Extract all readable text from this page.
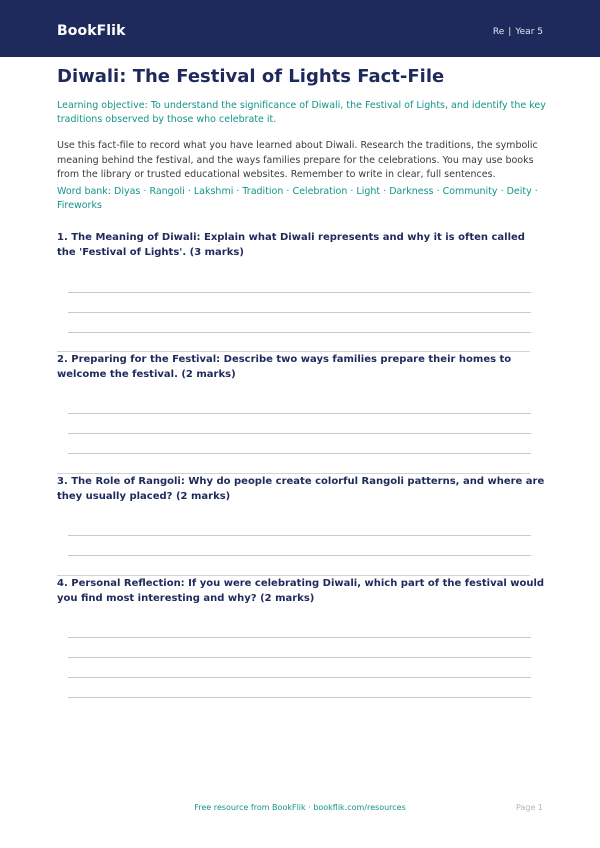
BookFlik	Re | Year 5
Diwali: The Festival of Lights Fact-File

Learning objective: To understand the significance of Diwali, the Festival of Lights, and identify the key traditions observed by those who celebrate it.

Use this fact-file to record what you have learned about Diwali. Research the traditions, the symbolic meaning behind the festival, and the ways families prepare for the celebrations. You may use books from the library or trusted educational websites. Remember to write in clear, full sentences.

Word bank: Diyas · Rangoli · Lakshmi · Tradition · Celebration · Light · Darkness · Community · Deity · Fireworks

1. The Meaning of Diwali: Explain what Diwali represents and why it is often called the 'Festival of Lights'. (3 marks)
2. Preparing for the Festival: Describe two ways families prepare their homes to welcome the festival. (2 marks)
3. The Role of Rangoli: Why do people create colorful Rangoli patterns, and where are they usually placed? (2 marks)
4. Personal Reflection: If you were celebrating Diwali, which part of the festival would you find most interesting and why? (2 marks)
Free resource from BookFlik · bookflik.com/resources	Page 1
